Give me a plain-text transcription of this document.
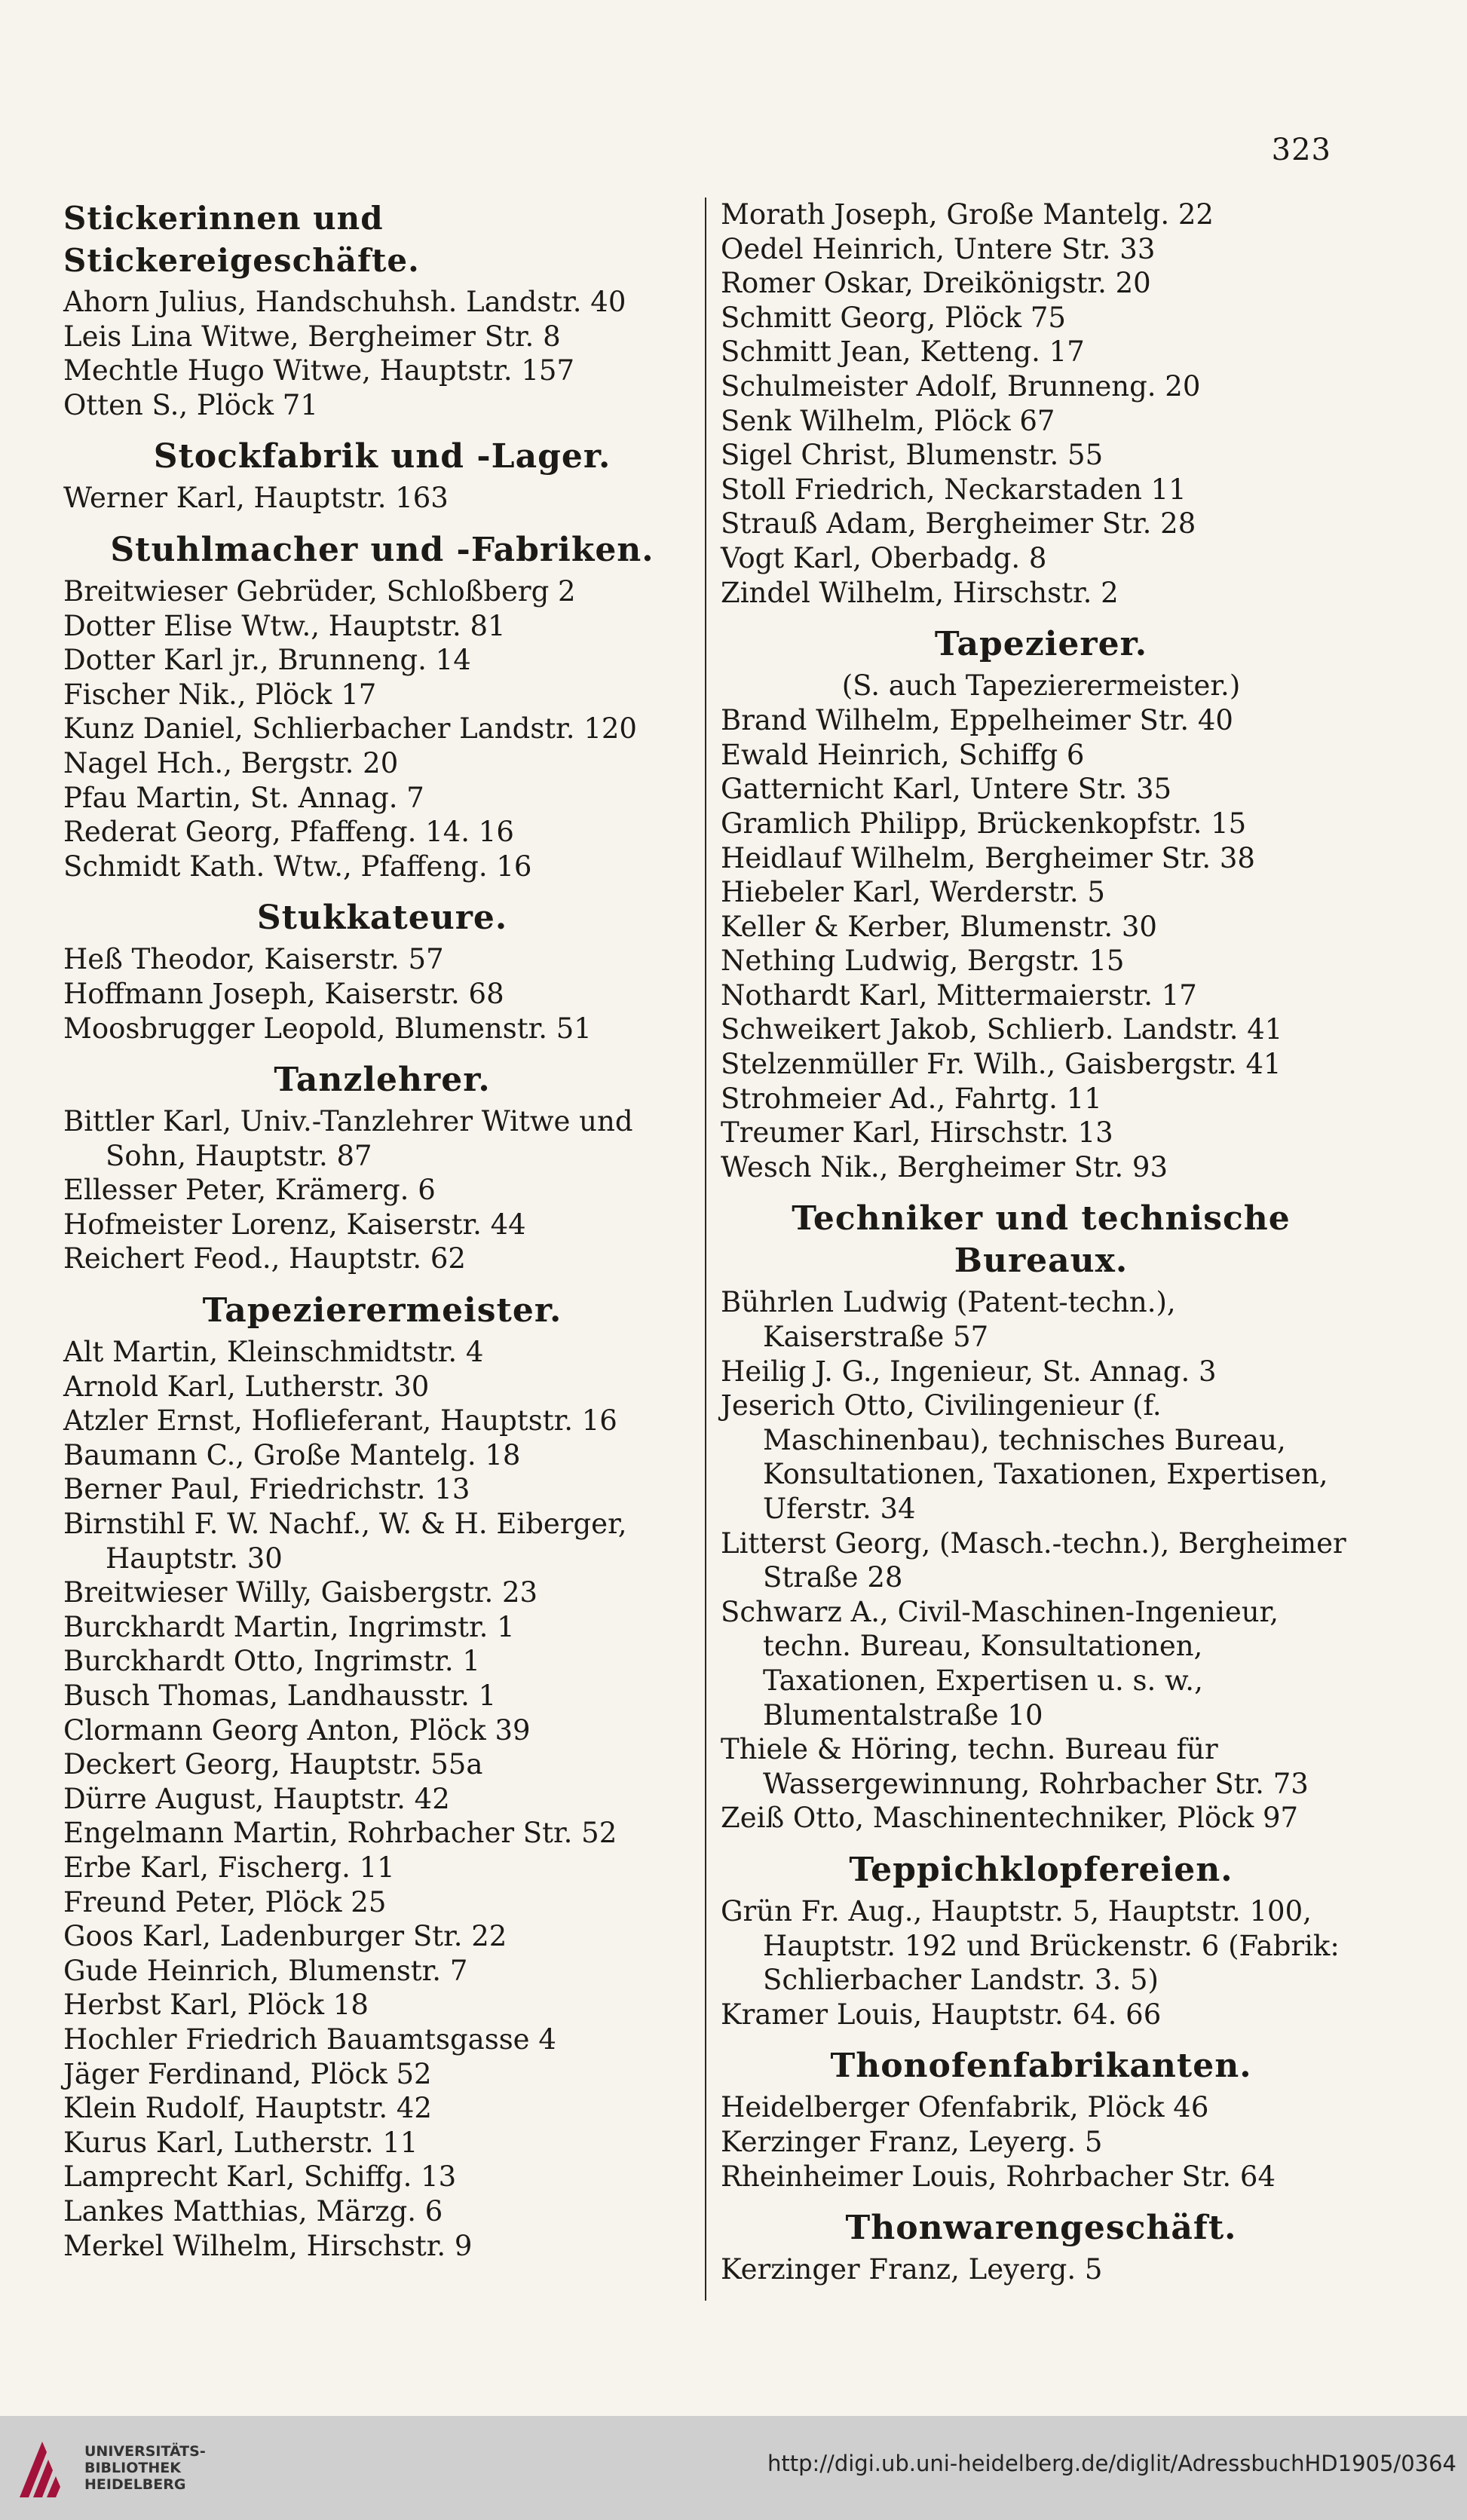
323
Stickerinnen und Stickereigeschäfte.
Ahorn Julius, Handschuhsh. Landstr. 40
Leis Lina Witwe, Bergheimer Str. 8
Mechtle Hugo Witwe, Hauptstr. 157
Otten S., Plöck 71
Stockfabrik und -Lager.
Werner Karl, Hauptstr. 163
Stuhlmacher und -Fabriken.
Breitwieser Gebrüder, Schloßberg 2
Dotter Elise Wtw., Hauptstr. 81
Dotter Karl jr., Brunneng. 14
Fischer Nik., Plöck 17
Kunz Daniel, Schlierbacher Landstr. 120
Nagel Hch., Bergstr. 20
Pfau Martin, St. Annag. 7
Rederat Georg, Pfaffeng. 14. 16
Schmidt Kath. Wtw., Pfaffeng. 16
Stukkateure.
Heß Theodor, Kaiserstr. 57
Hoffmann Joseph, Kaiserstr. 68
Moosbrugger Leopold, Blumenstr. 51
Tanzlehrer.
Bittler Karl, Univ.-Tanzlehrer Witwe und Sohn, Hauptstr. 87
Ellesser Peter, Krämerg. 6
Hofmeister Lorenz, Kaiserstr. 44
Reichert Feod., Hauptstr. 62
Tapezierermeister.
Alt Martin, Kleinschmidtstr. 4
Arnold Karl, Lutherstr. 30
Atzler Ernst, Hoflieferant, Hauptstr. 16
Baumann C., Große Mantelg. 18
Berner Paul, Friedrichstr. 13
Birnstihl F. W. Nachf., W. & H. Eiberger, Hauptstr. 30
Breitwieser Willy, Gaisbergstr. 23
Burckhardt Martin, Ingrimstr. 1
Burckhardt Otto, Ingrimstr. 1
Busch Thomas, Landhausstr. 1
Clormann Georg Anton, Plöck 39
Deckert Georg, Hauptstr. 55a
Dürre August, Hauptstr. 42
Engelmann Martin, Rohrbacher Str. 52
Erbe Karl, Fischerg. 11
Freund Peter, Plöck 25
Goos Karl, Ladenburger Str. 22
Gude Heinrich, Blumenstr. 7
Herbst Karl, Plöck 18
Hochler Friedrich Bauamtsgasse 4
Jäger Ferdinand, Plöck 52
Klein Rudolf, Hauptstr. 42
Kurus Karl, Lutherstr. 11
Lamprecht Karl, Schiffg. 13
Lankes Matthias, Märzg. 6
Merkel Wilhelm, Hirschstr. 9
Morath Joseph, Große Mantelg. 22
Oedel Heinrich, Untere Str. 33
Romer Oskar, Dreikönigstr. 20
Schmitt Georg, Plöck 75
Schmitt Jean, Ketteng. 17
Schulmeister Adolf, Brunneng. 20
Senk Wilhelm, Plöck 67
Sigel Christ, Blumenstr. 55
Stoll Friedrich, Neckarstaden 11
Strauß Adam, Bergheimer Str. 28
Vogt Karl, Oberbadg. 8
Zindel Wilhelm, Hirschstr. 2
Tapezierer.
(S. auch Tapezierermeister.)
Brand Wilhelm, Eppelheimer Str. 40
Ewald Heinrich, Schiffg 6
Gatternicht Karl, Untere Str. 35
Gramlich Philipp, Brückenkopfstr. 15
Heidlauf Wilhelm, Bergheimer Str. 38
Hiebeler Karl, Werderstr. 5
Keller & Kerber, Blumenstr. 30
Nething Ludwig, Bergstr. 15
Nothardt Karl, Mittermaierstr. 17
Schweikert Jakob, Schlierb. Landstr. 41
Stelzenmüller Fr. Wilh., Gaisbergstr. 41
Strohmeier Ad., Fahrtg. 11
Treumer Karl, Hirschstr. 13
Wesch Nik., Bergheimer Str. 93
Techniker und technische Bureaux.
Bührlen Ludwig (Patent-techn.), Kaiserstraße 57
Heilig J. G., Ingenieur, St. Annag. 3
Jeserich Otto, Civilingenieur (f. Maschinenbau), technisches Bureau, Konsultationen, Taxationen, Expertisen, Uferstr. 34
Litterst Georg, (Masch.-techn.), Bergheimer Straße 28
Schwarz A., Civil-Maschinen-Ingenieur, techn. Bureau, Konsultationen, Taxationen, Expertisen u. s. w., Blumentalstraße 10
Thiele & Höring, techn. Bureau für Wassergewinnung, Rohrbacher Str. 73
Zeiß Otto, Maschinentechniker, Plöck 97
Teppichklopfereien.
Grün Fr. Aug., Hauptstr. 5, Hauptstr. 100, Hauptstr. 192 und Brückenstr. 6 (Fabrik: Schlierbacher Landstr. 3. 5)
Kramer Louis, Hauptstr. 64. 66
Thonofenfabrikanten.
Heidelberger Ofenfabrik, Plöck 46
Kerzinger Franz, Leyerg. 5
Rheinheimer Louis, Rohrbacher Str. 64
Thonwarengeschäft.
Kerzinger Franz, Leyerg. 5
UNIVERSITÄTS-
BIBLIOTHEK
HEIDELBERG
http://digi.ub.uni-heidelberg.de/diglit/AdressbuchHD1905/0364
